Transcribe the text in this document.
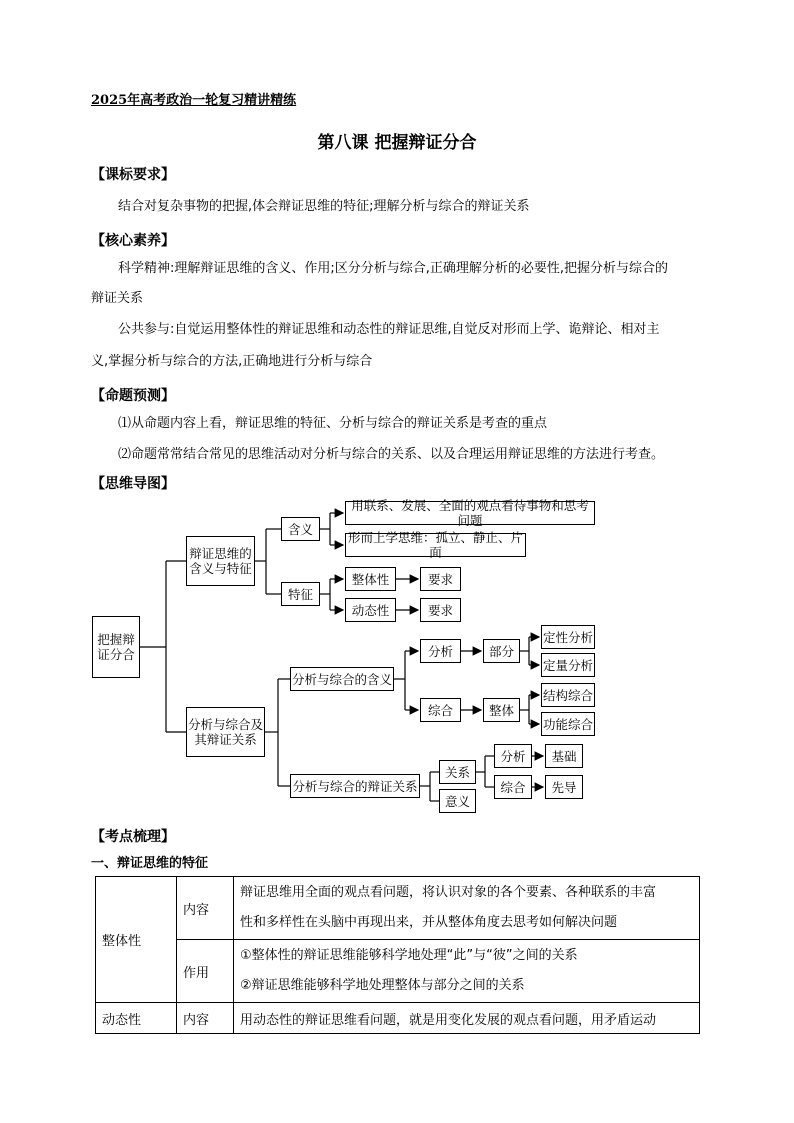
2025年高考政治一轮复习精讲精练
第八课 把握辩证分合
【课标要求】
结合对复杂事物的把握,体会辩证思维的特征;理解分析与综合的辩证关系
【核心素养】
科学精神:理解辩证思维的含义、作用;区分分析与综合,正确理解分析的必要性,把握分析与综合的
辩证关系
公共参与:自觉运用整体性的辩证思维和动态性的辩证思维,自觉反对形而上学、诡辩论、相对主
义,掌握分析与综合的方法,正确地进行分析与综合
【命题预测】
⑴从命题内容上看，辩证思维的特征、分析与综合的辩证关系是考查的重点
⑵命题常常结合常见的思维活动对分析与综合的关系、以及合理运用辩证思维的方法进行考查。
【思维导图】
把握辩
证分合
辩证思维的
含义与特征
含义
用联系、发展、全面的观点看待事物和思考问题
形而上学思维：孤立、静止、片面
特征
整体性
动态性
要求
要求
分析与综合及
其辩证关系
分析与综合的含义
分析	部分
定性分析
定量分析
综合	整体
结构综合
功能综合
分析与综合的辩证关系
关系
意义
分析
综合
基础
先导
【考点梳理】
一、辩证思维的特征
整体性	内容	辩证思维用全面的观点看问题，将认识对象的各个要素、各种联系的丰富
性和多样性在头脑中再现出来，并从整体角度去思考如何解决问题

	作用	①整体性的辩证思维能够科学地处理“此”与“彼”之间的关系
②辩证思维能够科学地处理整体与部分之间的关系

动态性	内容	用动态性的辩证思维看问题，就是用变化发展的观点看问题，用矛盾运动
